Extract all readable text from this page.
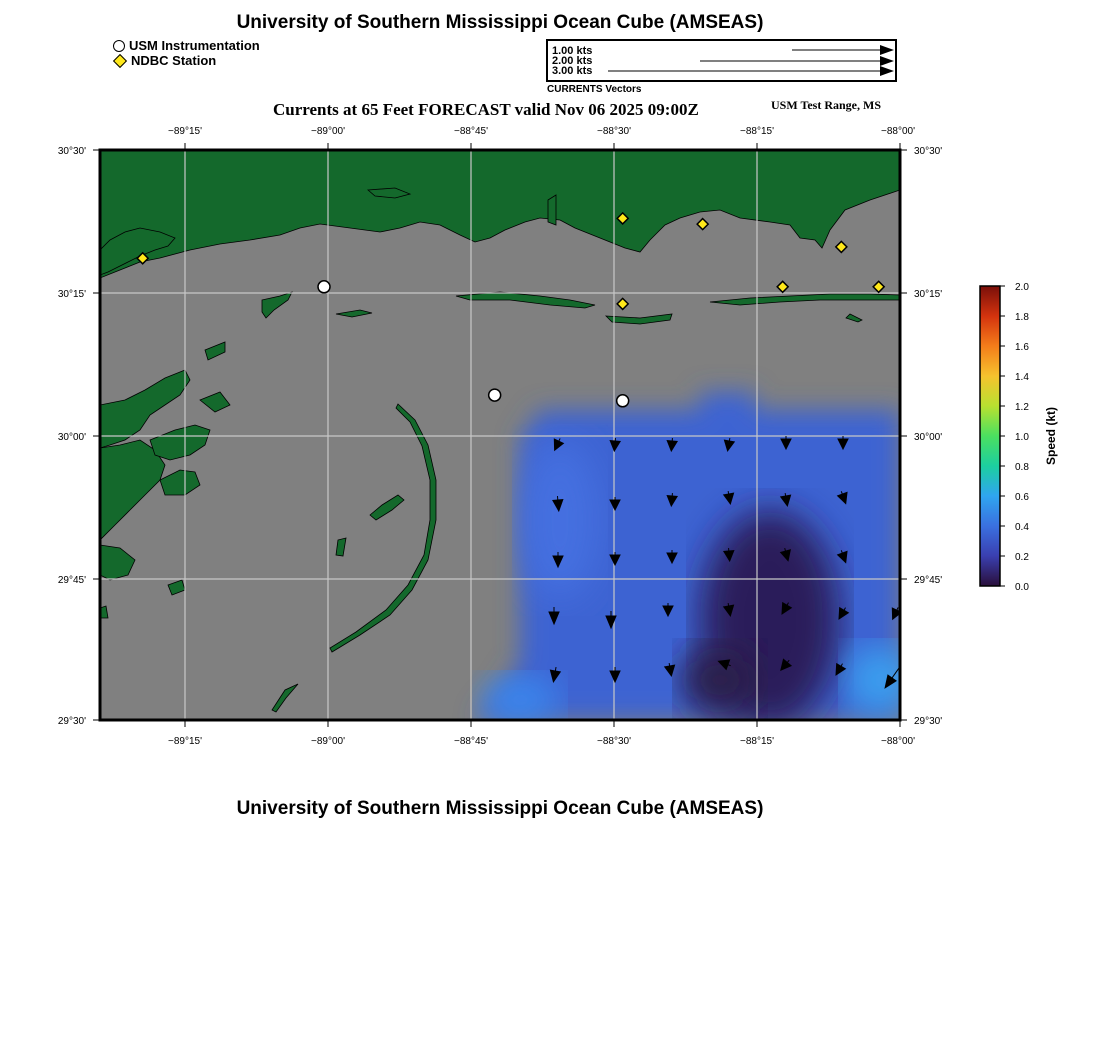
University of Southern Mississippi Ocean Cube (AMSEAS)
USM Instrumentation
NDBC Station
1.00 kts
2.00 kts
3.00 kts
CURRENTS Vectors
Currents at 65 Feet FORECAST valid Nov 06 2025 09:00Z	USM Test Range, MS
−89°15'	−89°00'	−88°45'	−88°30'	−88°15'	−88°00'
−89°15'	−89°00'	−88°45'	−88°30'	−88°15'	−88°00'
30°30'
30°15'
30°00'
29°45'
29°30'
30°30'
30°15'
30°00'
29°45'
29°30'
2.0
1.8
1.6
1.4
1.2
1.0
0.8
0.6
0.4
0.2
0.0
Speed (kt)
University of Southern Mississippi Ocean Cube (AMSEAS)
